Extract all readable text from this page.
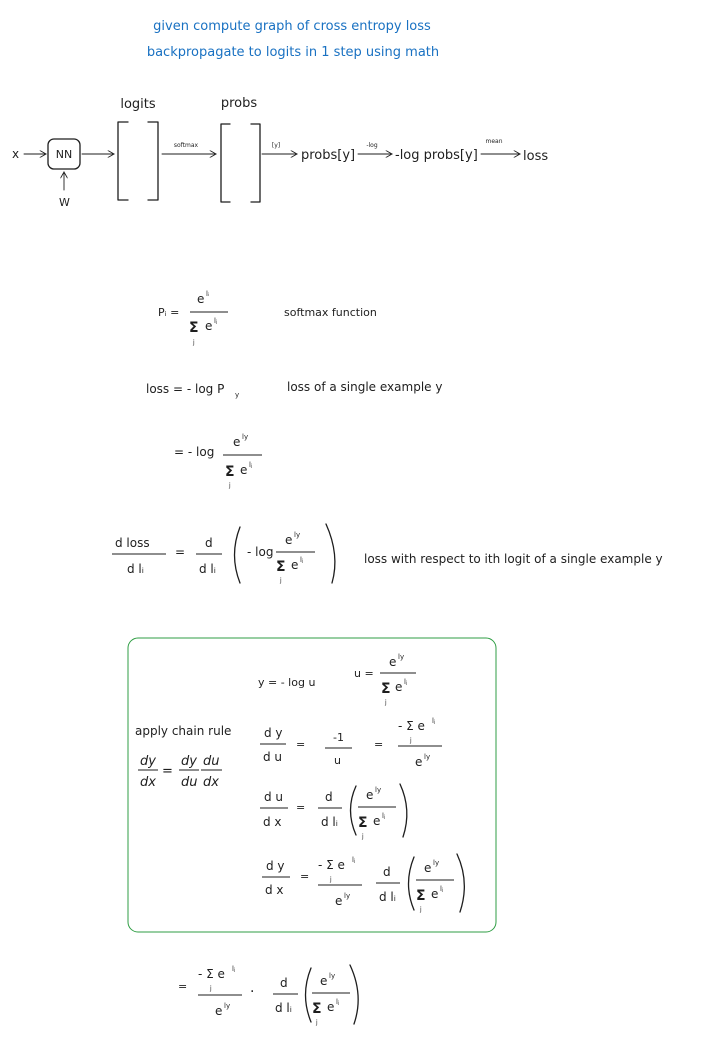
given compute graph of cross entropy loss
backpropagate to logits in 1 step using math
x	NN
W
logits
softmax
probs
[y]
probs[y]
-log
-log probs[y]
mean
loss
Pᵢ =
e lᵢ
Σ e lⱼ
j
softmax function
loss = - log P y
loss of a single example y
= - log
e ly
Σ e lⱼ
j
d loss
d lᵢ
=
d
d lᵢ
- log
e ly
Σ e lⱼ
j
loss with respect to ith logit of a single example y
apply chain rule
dy
dx
=
dy
du
du
dx
y = - log u
u =
e ly
Σ e lⱼ
j
d y
d u
=
-1
u
=
- Σ e lⱼ
j
e ly
d u
d x
=
d
d lᵢ
e ly
Σ e lⱼ
j
d y
d x
=
- Σ e lⱼ
j
e ly
d
d lᵢ
e ly
Σ e lⱼ
j
=
- Σ e lⱼ
j
e ly
·
d
d lᵢ
e ly
Σ e lⱼ
j
